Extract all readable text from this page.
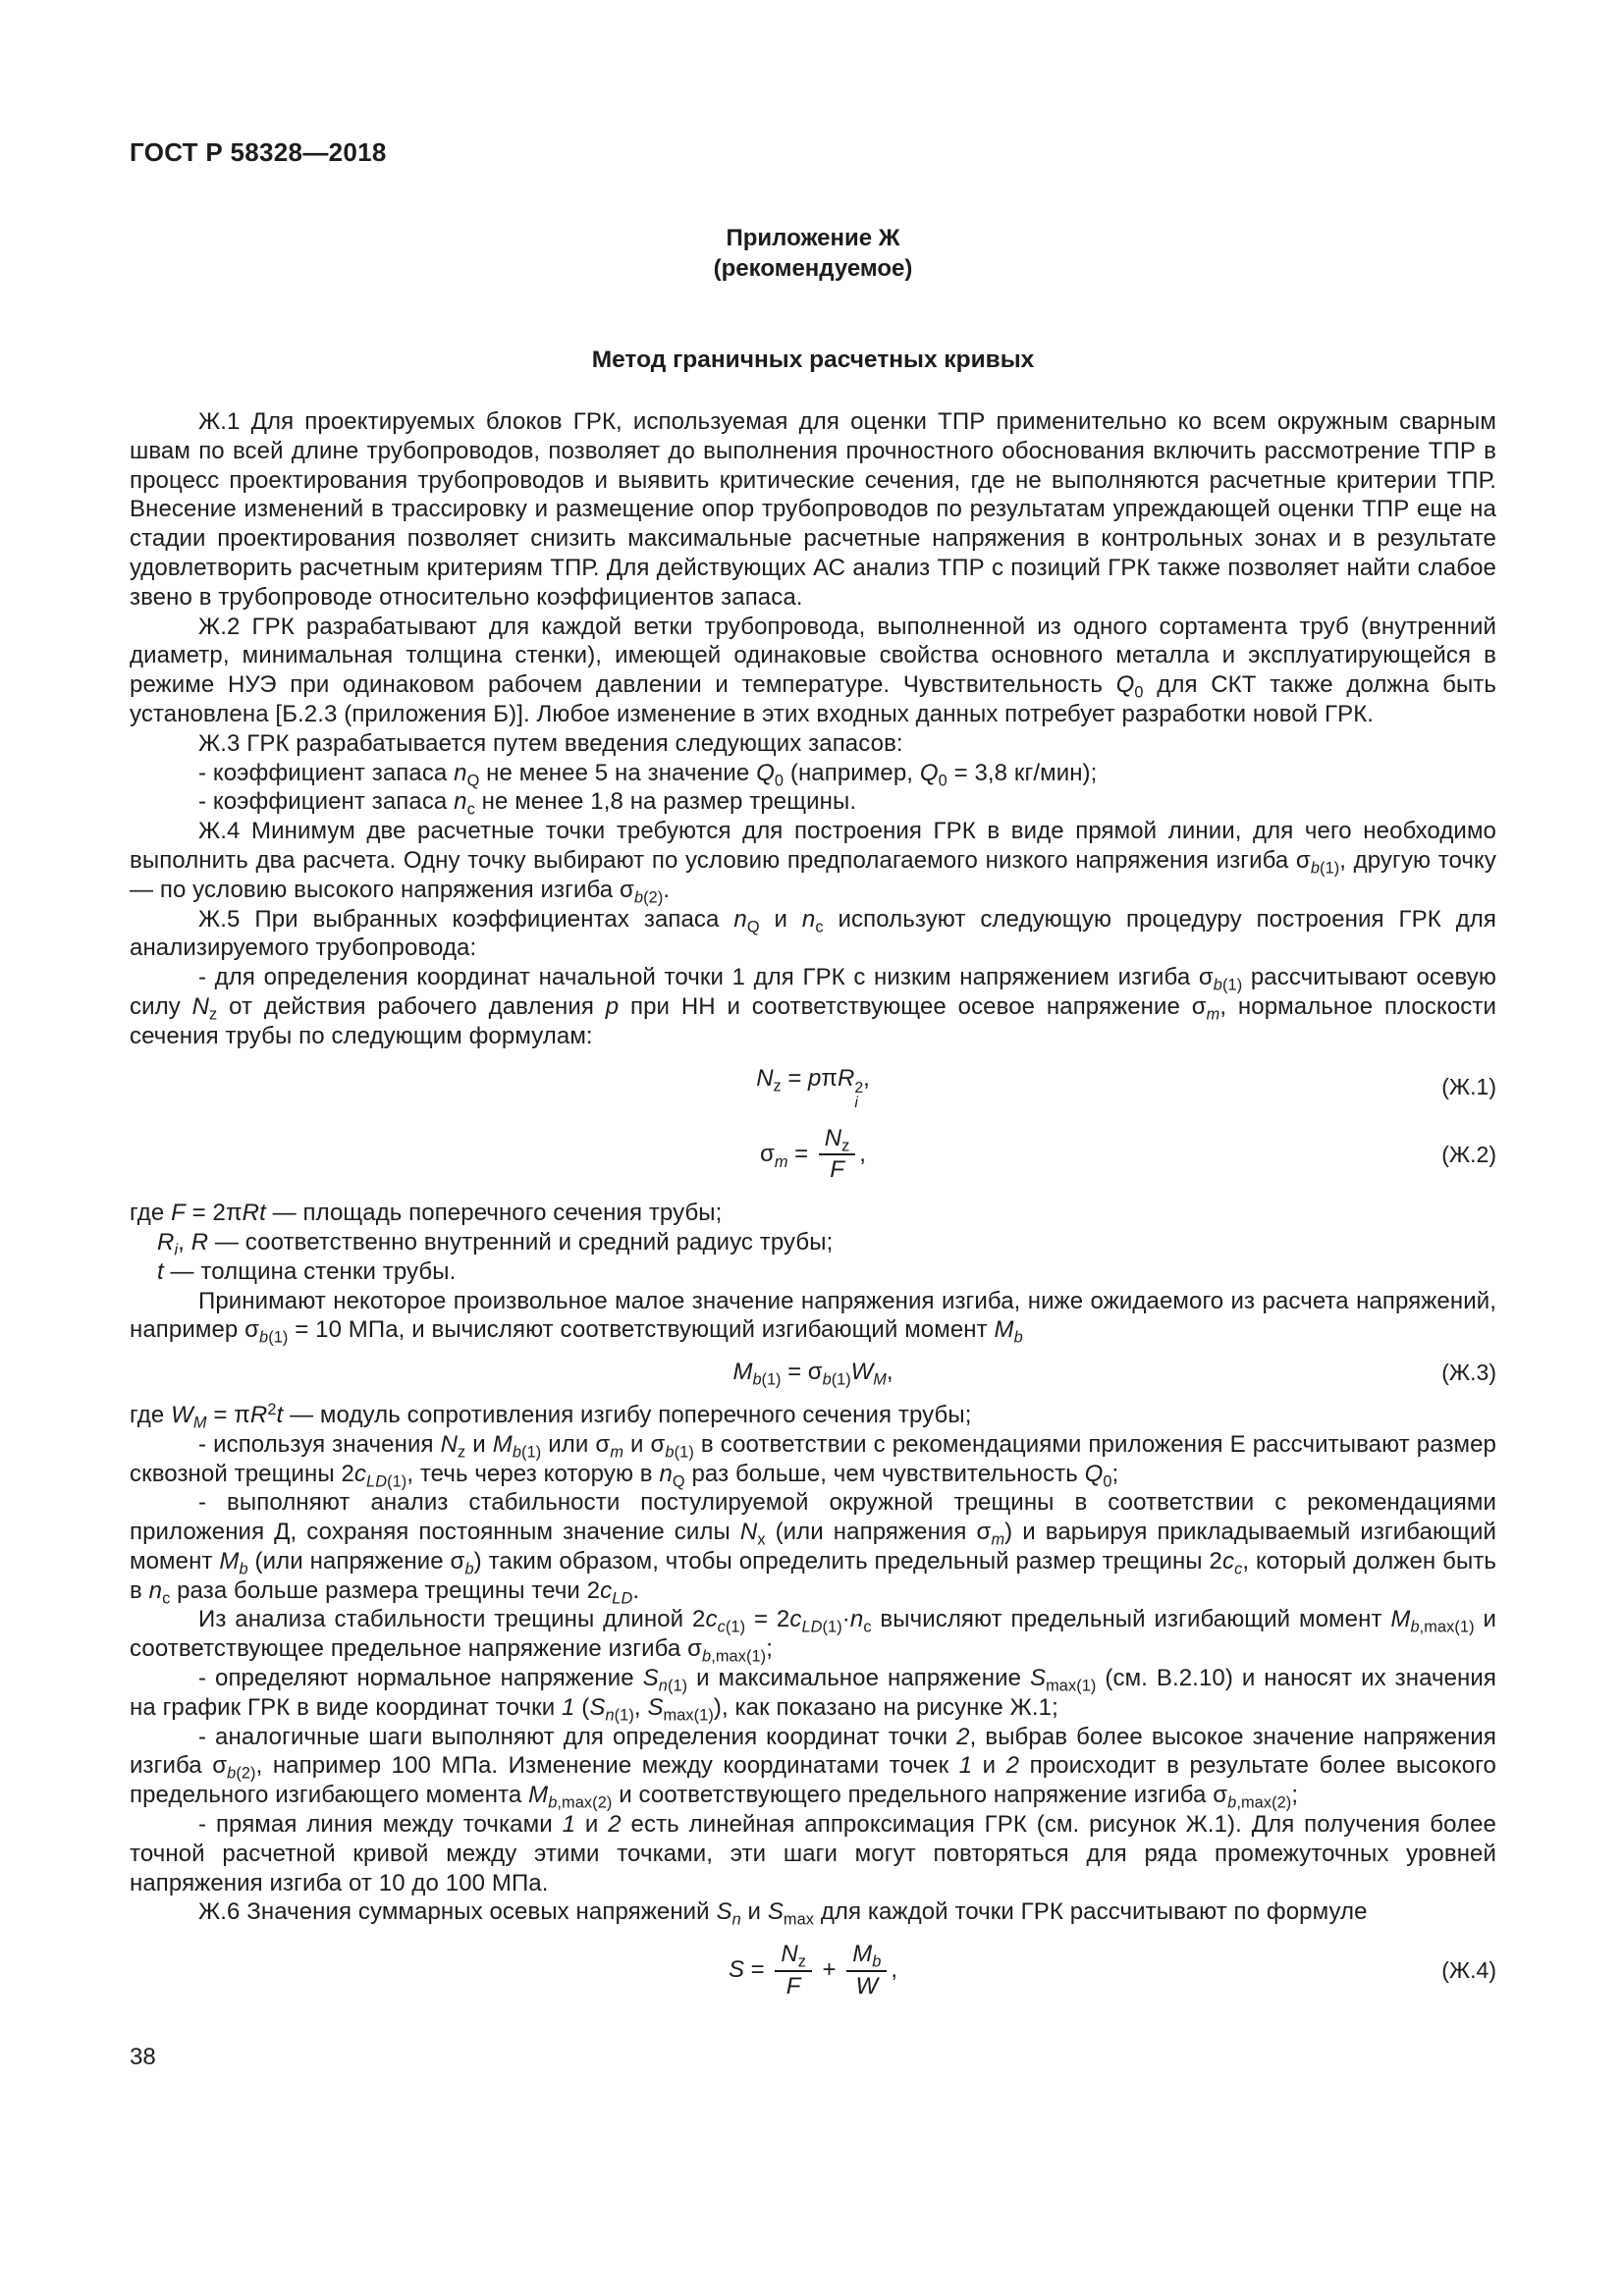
ГОСТ Р 58328—2018
Приложение Ж
(рекомендуемое)
Метод граничных расчетных кривых

Ж.1 Для проектируемых блоков ГРК, используемая для оценки ТПР применительно ко всем окружным сварным швам по всей длине трубопроводов, позволяет до выполнения прочностного обоснования включить рассмотрение ТПР в процесс проектирования трубопроводов и выявить критические сечения, где не выполняются расчетные критерии ТПР. Внесение изменений в трассировку и размещение опор трубопроводов по результатам упреждающей оценки ТПР еще на стадии проектирования позволяет снизить максимальные расчетные напряжения в контрольных зонах и в результате удовлетворить расчетным критериям ТПР. Для действующих АС анализ ТПР с позиций ГРК также позволяет найти слабое звено в трубопроводе относительно коэффициентов запаса.

Ж.2 ГРК разрабатывают для каждой ветки трубопровода, выполненной из одного сортамента труб (внутренний диаметр, минимальная толщина стенки), имеющей одинаковые свойства основного металла и эксплуатирующейся в режиме НУЭ при одинаковом рабочем давлении и температуре. Чувствительность $Q_0$ для СКТ также должна быть установлена [Б.2.3 (приложения Б)]. Любое изменение в этих входных данных потребует разработки новой ГРК.

Ж.3 ГРК разрабатывается путем введения следующих запасов:

- коэффициент запаса $n_Q$ не менее 5 на значение $Q_0$ (например, $Q_0 = 3,8$ кг/мин);

- коэффициент запаса $n_c$ не менее 1,8 на размер трещины.

Ж.4 Минимум две расчетные точки требуются для построения ГРК в виде прямой линии, для чего необходимо выполнить два расчета. Одну точку выбирают по условию предполагаемого низкого напряжения изгиба $\sigma_{b(1)}$, другую точку — по условию высокого напряжения изгиба $\sigma_{b(2)}$.

Ж.5 При выбранных коэффициентах запаса $n_Q$ и $n_c$ используют следующую процедуру построения ГРК для анализируемого трубопровода:

- для определения координат начальной точки 1 для ГРК с низким напряжением изгиба $\sigma_{b(1)}$ рассчитывают осевую силу $N_z$ от действия рабочего давления p при НН и соответствующее осевое напряжение $\sigma_m$, нормальное плоскости сечения трубы по следующим формулам:

$N_z = p\pi R$ 2
i
,	(Ж.1)
$\sigma_m = \frac{N_z}{F}$ ,	(Ж.2)

где F = 2πRt — площадь поперечного сечения трубы;

$R_i$, R — соответственно внутренний и средний радиус трубы;

t — толщина стенки трубы.

Принимают некоторое произвольное малое значение напряжения изгиба, ниже ожидаемого из расчета напряжений, например $\sigma_{b(1)} = 10$ МПа, и вычисляют соответствующий изгибающий момент $M_b$

$M_{b(1)} = \sigma_{b(1)}W_M$,	(Ж.3)

где $W_M = \pi R^2t$ — модуль сопротивления изгибу поперечного сечения трубы;

- используя значения $N_z$ и $M_{b(1)}$ или $\sigma_m$ и $\sigma_{b(1)}$ в соответствии с рекомендациями приложения Е рассчитывают размер сквозной трещины $2c_{LD(1)}$, течь через которую в $n_Q$ раз больше, чем чувствительность $Q_0$;

- выполняют анализ стабильности постулируемой окружной трещины в соответствии с рекомендациями приложения Д, сохраняя постоянным значение силы $N_x$ (или напряжения $\sigma_m$) и варьируя прикладываемый изгибающий момент $M_b$ (или напряжение $\sigma_b$) таким образом, чтобы определить предельный размер трещины $2c_c$, который должен быть в $n_c$ раза больше размера трещины течи $2c_{LD}$.

Из анализа стабильности трещины длиной $2c_{c(1)} = 2c_{LD(1)}\cdot n_c$ вычисляют предельный изгибающий момент $M_{b,max(1)}$ и соответствующее предельное напряжение изгиба $\sigma_{b,max(1)}$;

- определяют нормальное напряжение $S_{n(1)}$ и максимальное напряжение $S_{max(1)}$ (см. В.2.10) и наносят их значения на график ГРК в виде координат точки 1 ($S_{n(1)}$, $S_{max(1)}$), как показано на рисунке Ж.1;

- аналогичные шаги выполняют для определения координат точки 2, выбрав более высокое значение напряжения изгиба $\sigma_{b(2)}$, например 100 МПа. Изменение между координатами точек 1 и 2 происходит в результате более высокого предельного изгибающего момента $M_{b,max(2)}$ и соответствующего предельного напряжение изгиба $\sigma_{b,max(2)}$;

- прямая линия между точками 1 и 2 есть линейная аппроксимация ГРК (см. рисунок Ж.1). Для получения более точной расчетной кривой между этими точками, эти шаги могут повторяться для ряда промежуточных уровней напряжения изгиба от 10 до 100 МПа.

Ж.6 Значения суммарных осевых напряжений $S_n$ и $S_{max}$ для каждой точки ГРК рассчитывают по формуле

$S = \frac{N_z}{F} + \frac{M_b}{W}$ ,	(Ж.4)
38
